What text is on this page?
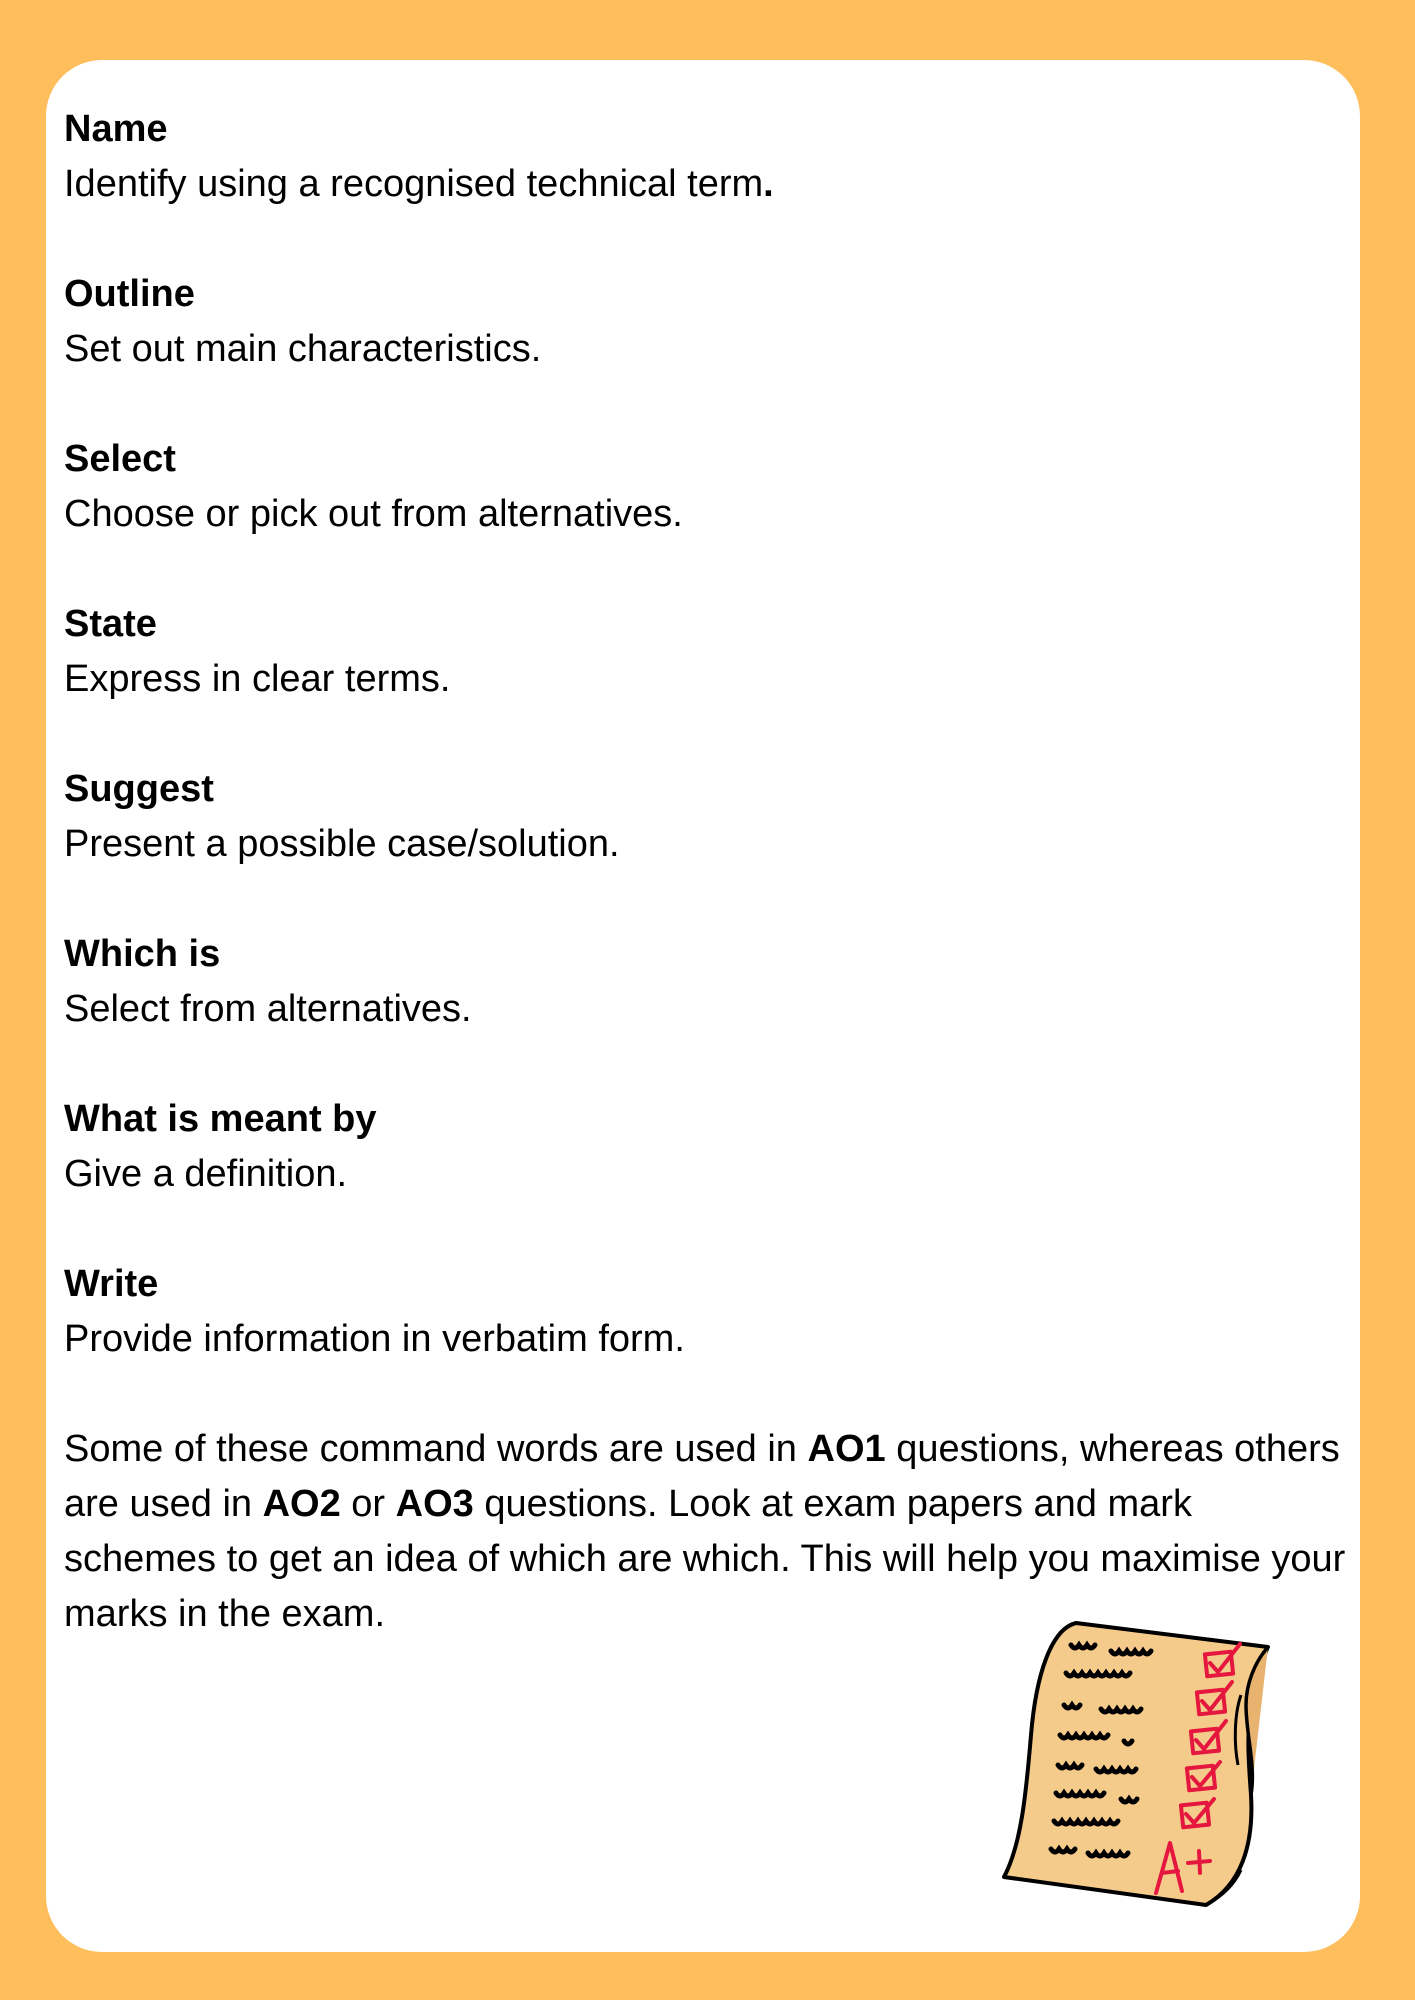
Name

Identify using a recognised technical term.

Outline

Set out main characteristics.

Select

Choose or pick out from alternatives.

State

Express in clear terms.

Suggest

Present a possible case/solution.

Which is

Select from alternatives.

What is meant by

Give a definition.

Write

Provide information in verbatim form.

Some of these command words are used in AO1 questions, whereas others are used in AO2 or AO3 questions. Look at exam papers and mark schemes to get an idea of which are which. This will help you maximise your marks in the exam.
